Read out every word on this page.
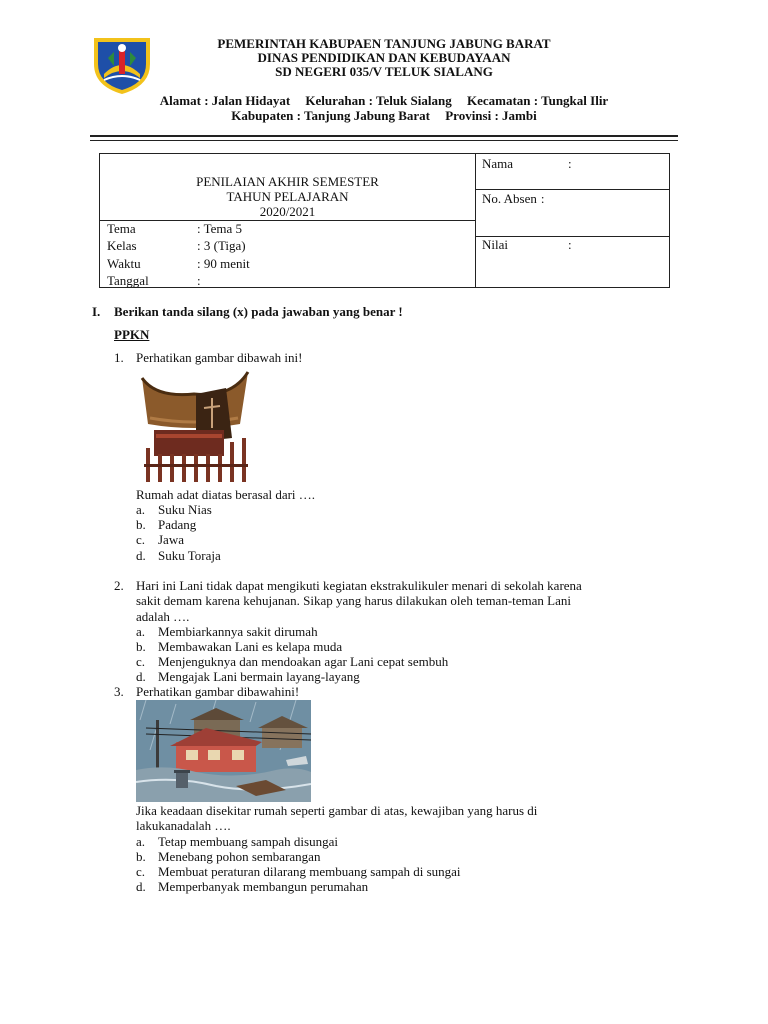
PEMERINTAH KABUPAEN TANJUNG JABUNG BARAT
DINAS PENDIDIKAN DAN KEBUDAYAAN
SD NEGERI 035/V TELUK SIALANG
Alamat : Jalan Hidayat Kelurahan : Teluk Sialang Kecamatan : Tungkal Ilir
Kabupaten : Tanjung Jabung Barat Provinsi : Jambi
PENILAIAN AKHIR SEMESTER
TAHUN PELAJARAN
2020/2021
Tema	: Tema 5
Kelas	: 3 (Tiga)
Waktu	: 90 menit
Tanggal	:
Nama	:
No. Absen :
Nilai	:
I. Berikan tanda silang (x) pada jawaban yang benar !
PPKN
1. Perhatikan gambar dibawah ini!
Rumah adat diatas berasal dari ….
a. Suku Nias
b. Padang
c. Jawa
d. Suku Toraja
2. Hari ini Lani tidak dapat mengikuti kegiatan ekstrakulikuler menari di sekolah karena
sakit demam karena kehujanan. Sikap yang harus dilakukan oleh teman-teman Lani
adalah ….
a. Membiarkannya sakit dirumah
b. Membawakan Lani es kelapa muda
c. Menjenguknya dan mendoakan agar Lani cepat sembuh
d. Mengajak Lani bermain layang-layang
3. Perhatikan gambar dibawahini!
Jika keadaan disekitar rumah seperti gambar di atas, kewajiban yang harus di
lakukanadalah ….
a. Tetap membuang sampah disungai
b. Menebang pohon sembarangan
c. Membuat peraturan dilarang membuang sampah di sungai
d. Memperbanyak membangun perumahan
